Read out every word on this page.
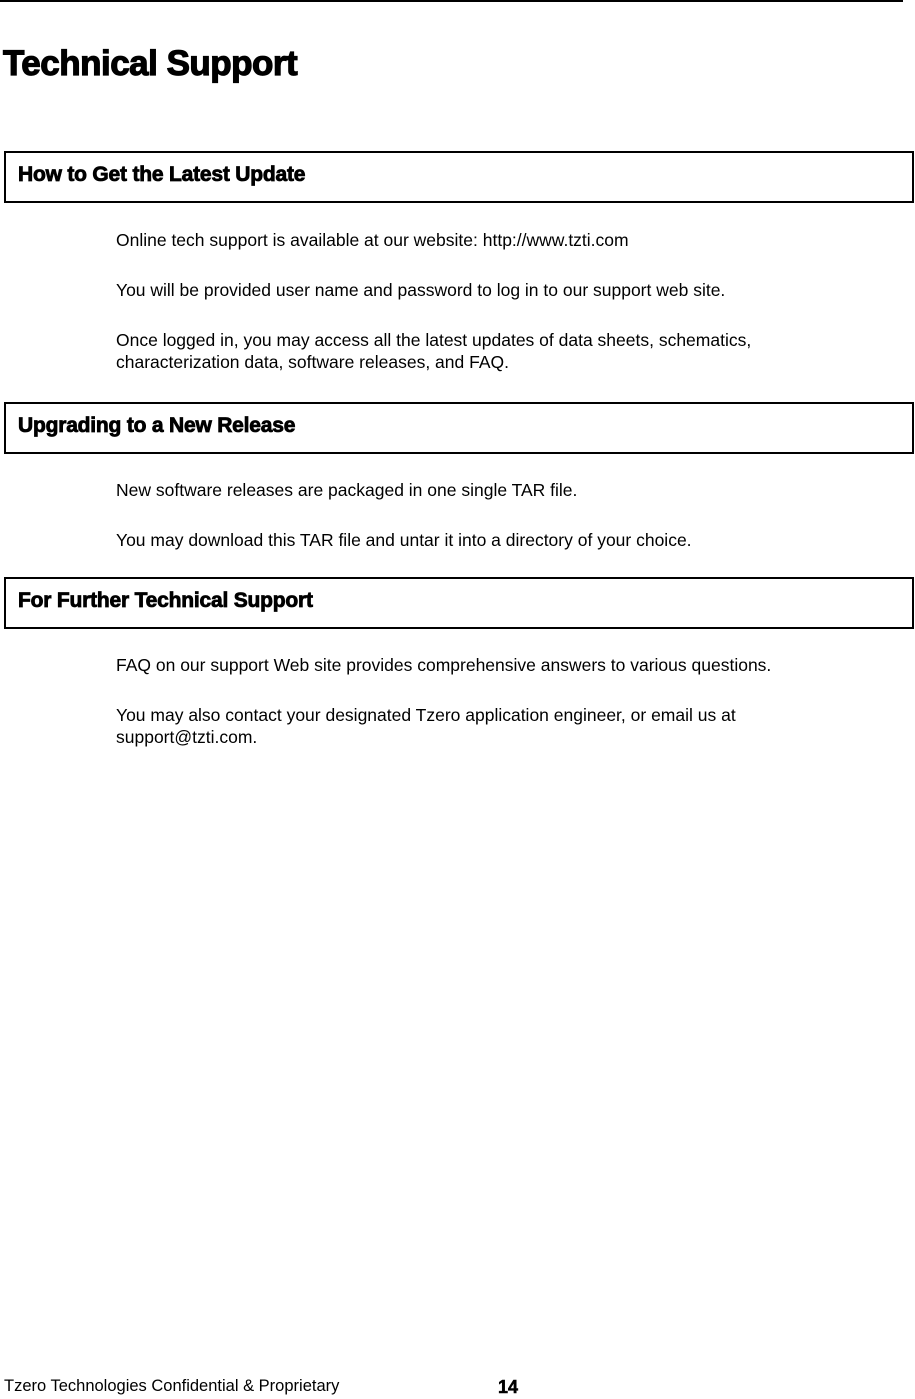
Technical Support
How to Get the Latest Update

Online tech support is available at our website: http://www.tzti.com

You will be provided user name and password to log in to our support web site.

Once logged in, you may access all the latest updates of data sheets, schematics, characterization data, software releases, and FAQ.

Upgrading to a New Release

New software releases are packaged in one single TAR file.

You may download this TAR file and untar it into a directory of your choice.

For Further Technical Support

FAQ on our support Web site provides comprehensive answers to various questions.

You may also contact your designated Tzero application engineer, or email us at support@tzti.com.

Tzero Technologies Confidential & Proprietary	14
